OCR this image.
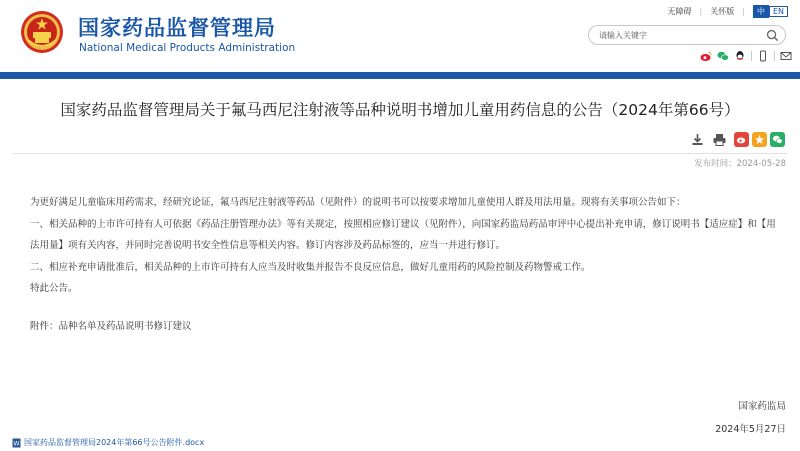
国家药品监督管理局
National Medical Products Administration
无障碍 | 关怀版 |	中	EN
请输入关键字
国家药品监督管理局关于氟马西尼注射液等品种说明书增加儿童用药信息的公告（2024年第66号）
发布时间：2024-05-28

为更好满足儿童临床用药需求，经研究论证，氟马西尼注射液等药品（见附件）的说明书可以按要求增加儿童使用人群及用法用量。现将有关事项公告如下：

一、相关品种的上市许可持有人可依据《药品注册管理办法》等有关规定，按照相应修订建议（见附件），向国家药监局药品审评中心提出补充申请，修订说明书【适应症】和【用法用量】项有关内容，并同时完善说明书安全性信息等相关内容。修订内容涉及药品标签的，应当一并进行修订。

二、相应补充申请批准后，相关品种的上市许可持有人应当及时收集并报告不良反应信息，做好儿童用药的风险控制及药物警戒工作。

特此公告。

附件：品种名单及药品说明书修订建议
国家药监局
2024年5月27日
W 国家药品监督管理局2024年第66号公告附件.docx
